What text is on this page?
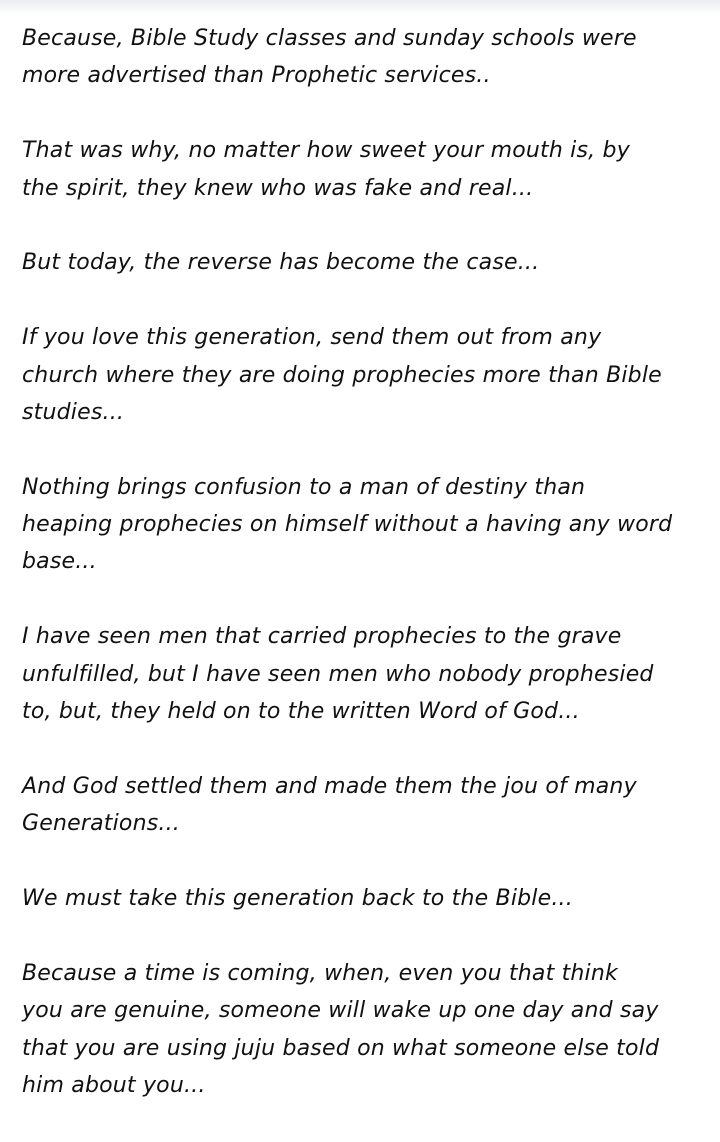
Because, Bible Study classes and sunday schools were
more advertised than Prophetic services..

That was why, no matter how sweet your mouth is, by
the spirit, they knew who was fake and real...

But today, the reverse has become the case...

If you love this generation, send them out from any
church where they are doing prophecies more than Bible
studies...

Nothing brings confusion to a man of destiny than
heaping prophecies on himself without a having any word
base...

I have seen men that carried prophecies to the grave
unfulfilled, but I have seen men who nobody prophesied
to, but, they held on to the written Word of God...

And God settled them and made them the jou of many
Generations...

We must take this generation back to the Bible...

Because a time is coming, when, even you that think
you are genuine, someone will wake up one day and say
that you are using juju based on what someone else told
him about you...
